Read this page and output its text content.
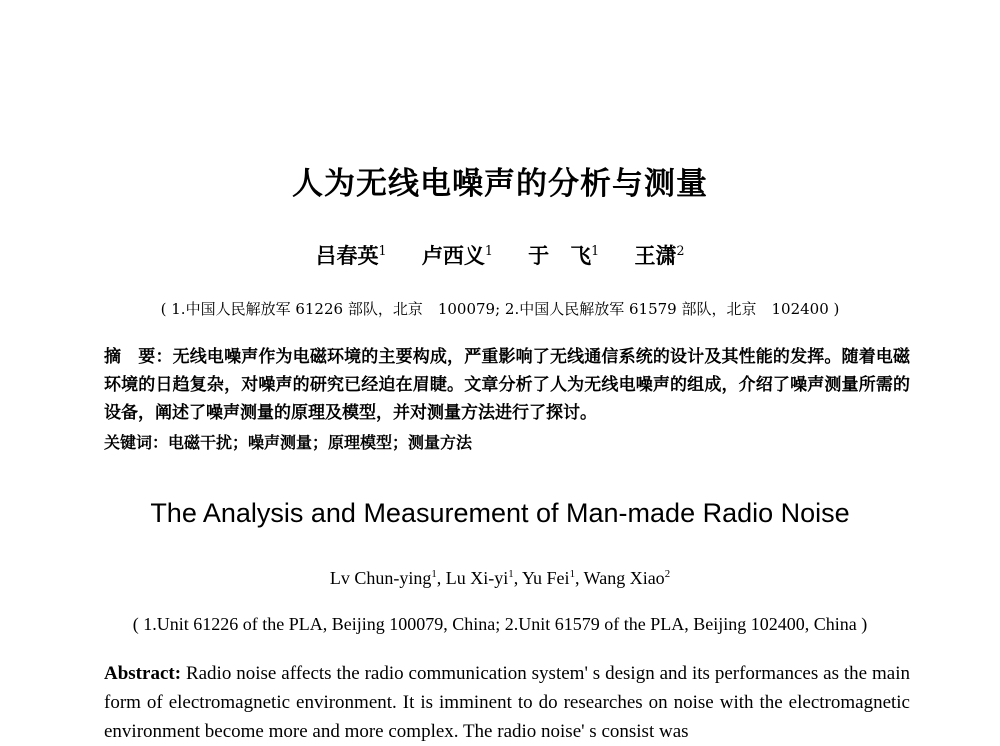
人为无线电噪声的分析与测量
吕春英$^1$ 卢西义$^1$ 于　飞$^1$ 王潇$^2$
( 1.中国人民解放军 61226 部队，北京　100079; 2.中国人民解放军 61579 部队，北京　102400 )
摘　要：无线电噪声作为电磁环境的主要构成，严重影响了无线通信系统的设计及其性能的发挥。随着电磁环境的日趋复杂，对噪声的研究已经迫在眉睫。文章分析了人为无线电噪声的组成，介绍了噪声测量所需的设备，阐述了噪声测量的原理及模型，并对测量方法进行了探讨。
关键词：电磁干扰；噪声测量；原理模型；测量方法
The Analysis and Measurement of Man-made Radio Noise
Lv Chun-ying$^1$, Lu $Xi-yi^1$, Yu Fei$^1$, Wang Xiao$^2$
( 1.Unit 61226 of the PLA, Beijing 100079, China; 2.Unit 61579 of the PLA, Beijing 102400, China )
Abstract: Radio noise affects the radio communication system' s design and its performances as the main form of electromagnetic environment. It is imminent to do researches on noise with the electromagnetic environment become more and more complex. The radio noise' s consist was
